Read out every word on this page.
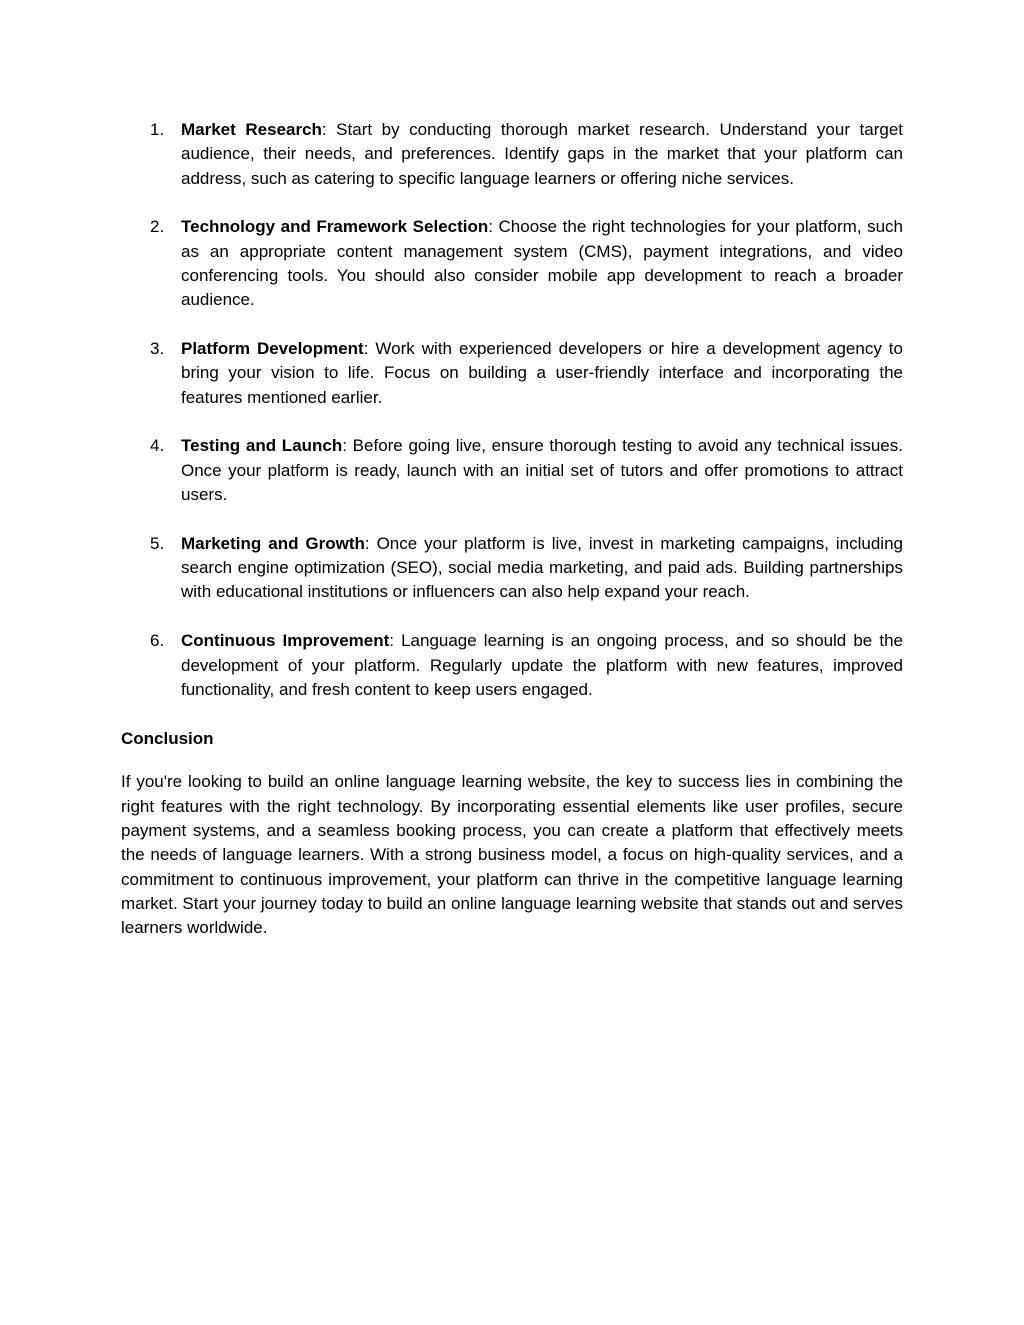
1. Market Research: Start by conducting thorough market research. Understand your target audience, their needs, and preferences. Identify gaps in the market that your platform can address, such as catering to specific language learners or offering niche services.
2. Technology and Framework Selection: Choose the right technologies for your platform, such as an appropriate content management system (CMS), payment integrations, and video conferencing tools. You should also consider mobile app development to reach a broader audience.
3. Platform Development: Work with experienced developers or hire a development agency to bring your vision to life. Focus on building a user-friendly interface and incorporating the features mentioned earlier.
4. Testing and Launch: Before going live, ensure thorough testing to avoid any technical issues. Once your platform is ready, launch with an initial set of tutors and offer promotions to attract users.
5. Marketing and Growth: Once your platform is live, invest in marketing campaigns, including search engine optimization (SEO), social media marketing, and paid ads. Building partnerships with educational institutions or influencers can also help expand your reach.
6. Continuous Improvement: Language learning is an ongoing process, and so should be the development of your platform. Regularly update the platform with new features, improved functionality, and fresh content to keep users engaged.
Conclusion

If you're looking to build an online language learning website, the key to success lies in combining the right features with the right technology. By incorporating essential elements like user profiles, secure payment systems, and a seamless booking process, you can create a platform that effectively meets the needs of language learners. With a strong business model, a focus on high-quality services, and a commitment to continuous improvement, your platform can thrive in the competitive language learning market. Start your journey today to build an online language learning website that stands out and serves learners worldwide.
